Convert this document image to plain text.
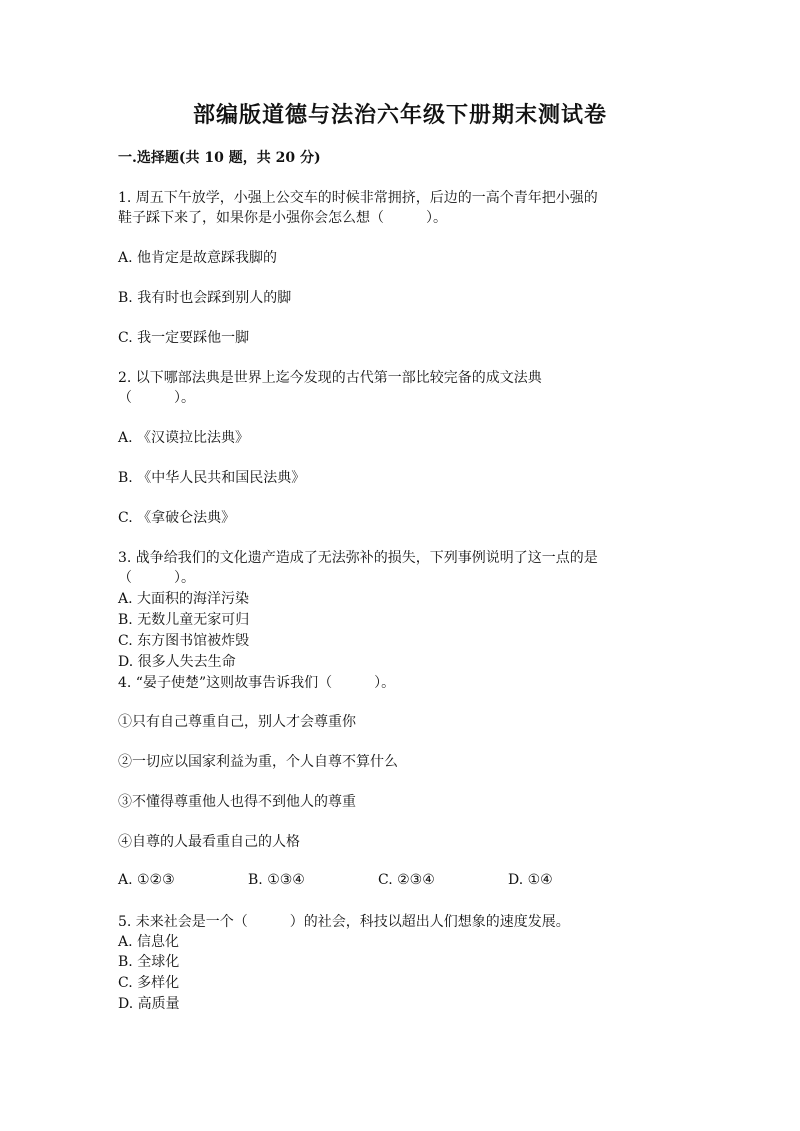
部编版道德与法治六年级下册期末测试卷
一.选择题(共 10 题，共 20 分)
1. 周五下午放学，小强上公交车的时候非常拥挤，后边的一高个青年把小强的
鞋子踩下来了，如果你是小强你会怎么想（　　　）。
A. 他肯定是故意踩我脚的
B. 我有时也会踩到别人的脚
C. 我一定要踩他一脚
2. 以下哪部法典是世界上迄今发现的古代第一部比较完备的成文法典
（　　　）。
A. 《汉谟拉比法典》
B. 《中华人民共和国民法典》
C. 《拿破仑法典》
3. 战争给我们的文化遗产造成了无法弥补的损失，下列事例说明了这一点的是
（　　　）。
A. 大面积的海洋污染
B. 无数儿童无家可归
C. 东方图书馆被炸毁
D. 很多人失去生命
4. “晏子使楚”这则故事告诉我们（　　　）。
①只有自己尊重自己，别人才会尊重你
②一切应以国家利益为重，个人自尊不算什么
③不懂得尊重他人也得不到他人的尊重
④自尊的人最看重自己的人格
A. ①②③	B. ①③④	C. ②③④	D. ①④
5. 未来社会是一个（　　　）的社会，科技以超出人们想象的速度发展。
A. 信息化
B. 全球化
C. 多样化
D. 高质量
